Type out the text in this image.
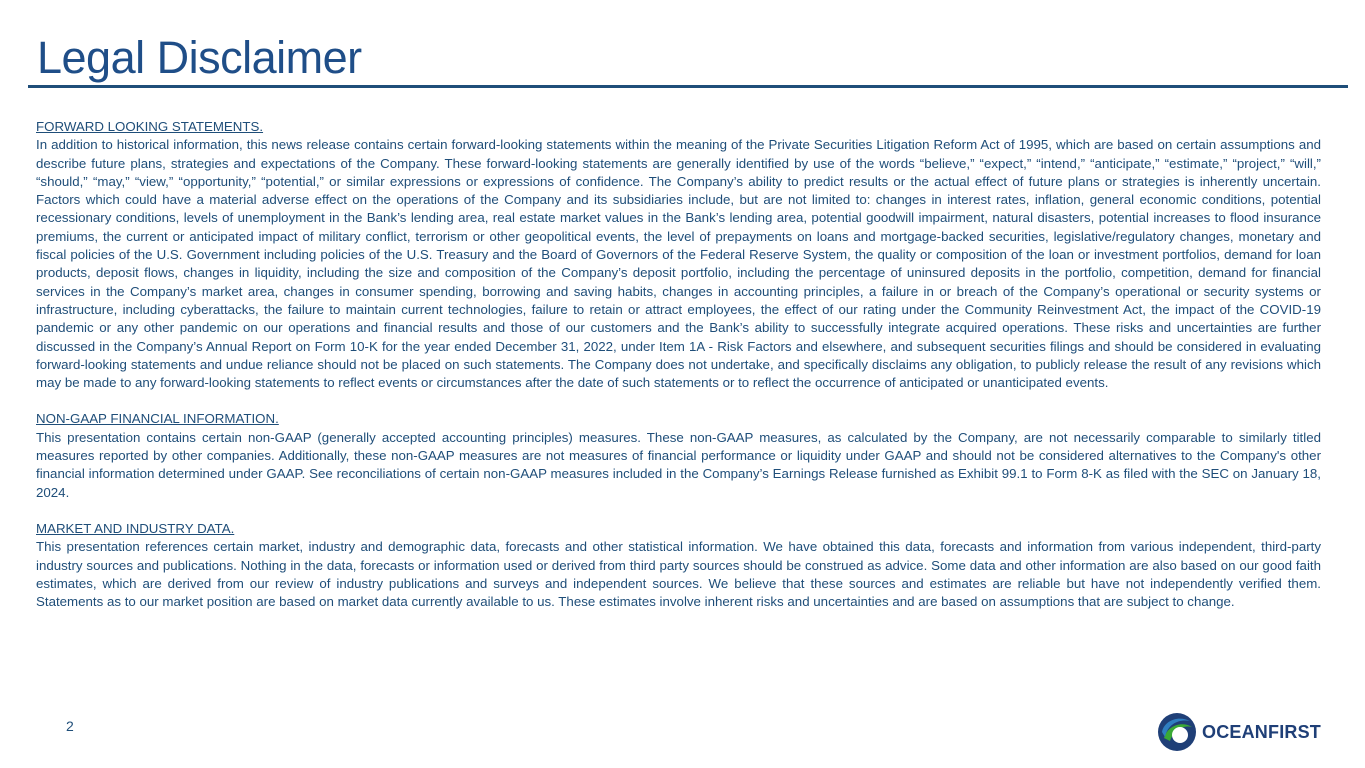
Legal Disclaimer
FORWARD LOOKING STATEMENTS.

In addition to historical information, this news release contains certain forward-looking statements within the meaning of the Private Securities Litigation Reform Act of 1995, which are based on certain assumptions and describe future plans, strategies and expectations of the Company. These forward-looking statements are generally identified by use of the words “believe,” “expect,” “intend,” “anticipate,” “estimate,” “project,” “will,” “should,” “may,” “view,” “opportunity,” “potential,” or similar expressions or expressions of confidence. The Company’s ability to predict results or the actual effect of future plans or strategies is inherently uncertain. Factors which could have a material adverse effect on the operations of the Company and its subsidiaries include, but are not limited to: changes in interest rates, inflation, general economic conditions, potential recessionary conditions, levels of unemployment in the Bank’s lending area, real estate market values in the Bank’s lending area, potential goodwill impairment, natural disasters, potential increases to flood insurance premiums, the current or anticipated impact of military conflict, terrorism or other geopolitical events, the level of prepayments on loans and mortgage-backed securities, legislative/regulatory changes, monetary and fiscal policies of the U.S. Government including policies of the U.S. Treasury and the Board of Governors of the Federal Reserve System, the quality or composition of the loan or investment portfolios, demand for loan products, deposit flows, changes in liquidity, including the size and composition of the Company’s deposit portfolio, including the percentage of uninsured deposits in the portfolio, competition, demand for financial services in the Company’s market area, changes in consumer spending, borrowing and saving habits, changes in accounting principles, a failure in or breach of the Company’s operational or security systems or infrastructure, including cyberattacks, the failure to maintain current technologies, failure to retain or attract employees, the effect of our rating under the Community Reinvestment Act, the impact of the COVID-19 pandemic or any other pandemic on our operations and financial results and those of our customers and the Bank’s ability to successfully integrate acquired operations. These risks and uncertainties are further discussed in the Company’s Annual Report on Form 10-K for the year ended December 31, 2022, under Item 1A - Risk Factors and elsewhere, and subsequent securities filings and should be considered in evaluating forward-looking statements and undue reliance should not be placed on such statements. The Company does not undertake, and specifically disclaims any obligation, to publicly release the result of any revisions which may be made to any forward-looking statements to reflect events or circumstances after the date of such statements or to reflect the occurrence of anticipated or unanticipated events.

NON-GAAP FINANCIAL INFORMATION.

This presentation contains certain non-GAAP (generally accepted accounting principles) measures. These non-GAAP measures, as calculated by the Company, are not necessarily comparable to similarly titled measures reported by other companies. Additionally, these non-GAAP measures are not measures of financial performance or liquidity under GAAP and should not be considered alternatives to the Company's other financial information determined under GAAP. See reconciliations of certain non-GAAP measures included in the Company’s Earnings Release furnished as Exhibit 99.1 to Form 8-K as filed with the SEC on January 18, 2024.

MARKET AND INDUSTRY DATA.

This presentation references certain market, industry and demographic data, forecasts and other statistical information. We have obtained this data, forecasts and information from various independent, third-party industry sources and publications. Nothing in the data, forecasts or information used or derived from third party sources should be construed as advice. Some data and other information are also based on our good faith estimates, which are derived from our review of industry publications and surveys and independent sources. We believe that these sources and estimates are reliable but have not independently verified them. Statements as to our market position are based on market data currently available to us. These estimates involve inherent risks and uncertainties and are based on assumptions that are subject to change.

2	OCEANFIRST
